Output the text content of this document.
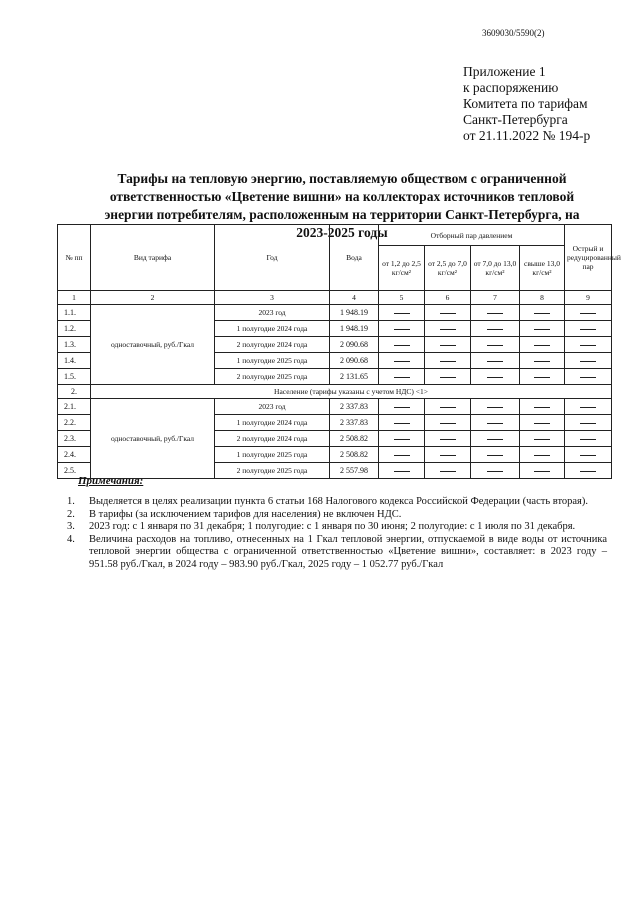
3609030/5590(2)
Приложение 1
к распоряжению
Комитета по тарифам
Санкт-Петербурга
от 21.11.2022 № 194-р
Тарифы на тепловую энергию, поставляемую обществом с ограниченной ответственностью «Цветение вишни» на коллекторах источников тепловой энергии потребителям, расположенным на территории Санкт-Петербурга, на 2023-2025 годы
№ пп	Вид тарифа	Год	Вода	Отборный пар давлением				Острый и редуцированный пар
				от 1,2 до 2,5 кг/см²	от 2,5 до 7,0 кг/см²	от 7,0 до 13,0 кг/см²	свыше 13,0 кг/см²	
1	2	3	4	5	6	7	8	9
1.1.	одноставочный, руб./Гкал	2023 год	1 948.19					
1.2.		1 полугодие 2024 года	1 948.19					
1.3.		2 полугодие 2024 года	2 090.68					
1.4.		1 полугодие 2025 года	2 090.68					
1.5.		2 полугодие 2025 года	2 131.65					
2.	Население (тарифы указаны с учетом НДС) <1>							
2.1.	одноставочный, руб./Гкал	2023 год	2 337.83					
2.2.		1 полугодие 2024 года	2 337.83					
2.3.		2 полугодие 2024 года	2 508.82					
2.4.		1 полугодие 2025 года	2 508.82					
2.5.		2 полугодие 2025 года	2 557.98					
Примечания:
1. Выделяется в целях реализации пункта 6 статьи 168 Налогового кодекса Российской Федерации (часть вторая).
2. В тарифы (за исключением тарифов для населения) не включен НДС.
3. 2023 год: с 1 января по 31 декабря; 1 полугодие: с 1 января по 30 июня; 2 полугодие: с 1 июля по 31 декабря.
4. Величина расходов на топливо, отнесенных на 1 Гкал тепловой энергии, отпускаемой в виде воды от источника тепловой энергии общества с ограниченной ответственностью «Цветение вишни», составляет: в 2023 году – 951.58 руб./Гкал, в 2024 году – 983.90 руб./Гкал, 2025 году – 1 052.77 руб./Гкал
